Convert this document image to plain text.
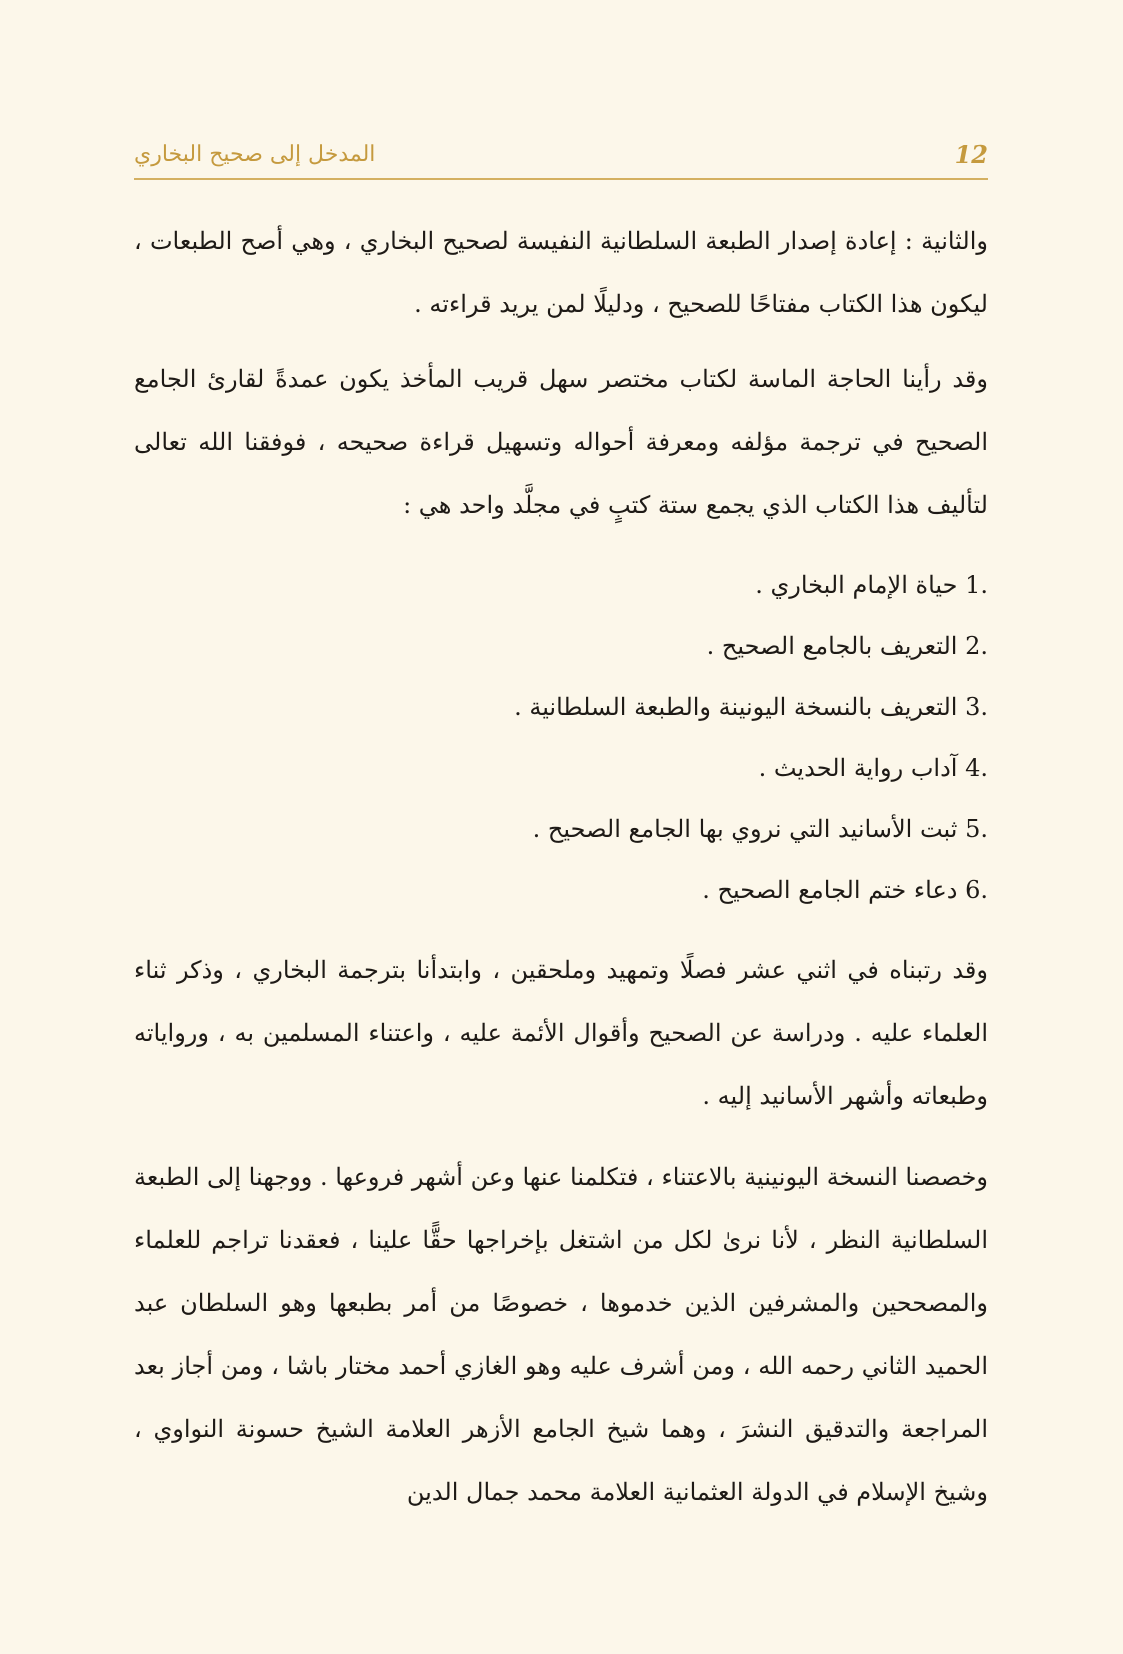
المدخل إلى صحيح البخاري	12

والثانية : إعادة إصدار الطبعة السلطانية النفيسة لصحيح البخاري ، وهي أصح الطبعات ، ليكون هذا الكتاب مفتاحًا للصحيح ، ودليلًا لمن يريد قراءته .

وقد رأينا الحاجة الماسة لكتاب مختصر سهل قريب المأخذ يكون عمدةً لقارئ الجامع الصحيح في ترجمة مؤلفه ومعرفة أحواله وتسهيل قراءة صحيحه ، فوفقنا الله تعالى لتأليف هذا الكتاب الذي يجمع ستة كتبٍ في مجلَّد واحد هي :

1. حياة الإمام البخاري .
2. التعريف بالجامع الصحيح .
3. التعريف بالنسخة اليونينة والطبعة السلطانية .
4. آداب رواية الحديث .
5. ثبت الأسانيد التي نروي بها الجامع الصحيح .
6. دعاء ختم الجامع الصحيح .

وقد رتبناه في اثني عشر فصلًا وتمهيد وملحقين ، وابتدأنا بترجمة البخاري ، وذكر ثناء العلماء عليه . ودراسة عن الصحيح وأقوال الأئمة عليه ، واعتناء المسلمين به ، ورواياته وطبعاته وأشهر الأسانيد إليه .

وخصصنا النسخة اليونينية بالاعتناء ، فتكلمنا عنها وعن أشهر فروعها . ووجهنا إلى الطبعة السلطانية النظر ، لأنا نرىٰ لكل من اشتغل بإخراجها حقًّا علينا ، فعقدنا تراجم للعلماء والمصححين والمشرفين الذين خدموها ، خصوصًا من أمر بطبعها وهو السلطان عبد الحميد الثاني رحمه الله ، ومن أشرف عليه وهو الغازي أحمد مختار باشا ، ومن أجاز بعد المراجعة والتدقيق النشرَ ، وهما شيخ الجامع الأزهر العلامة الشيخ حسونة النواوي ، وشيخ الإسلام في الدولة العثمانية العلامة محمد جمال الدين
